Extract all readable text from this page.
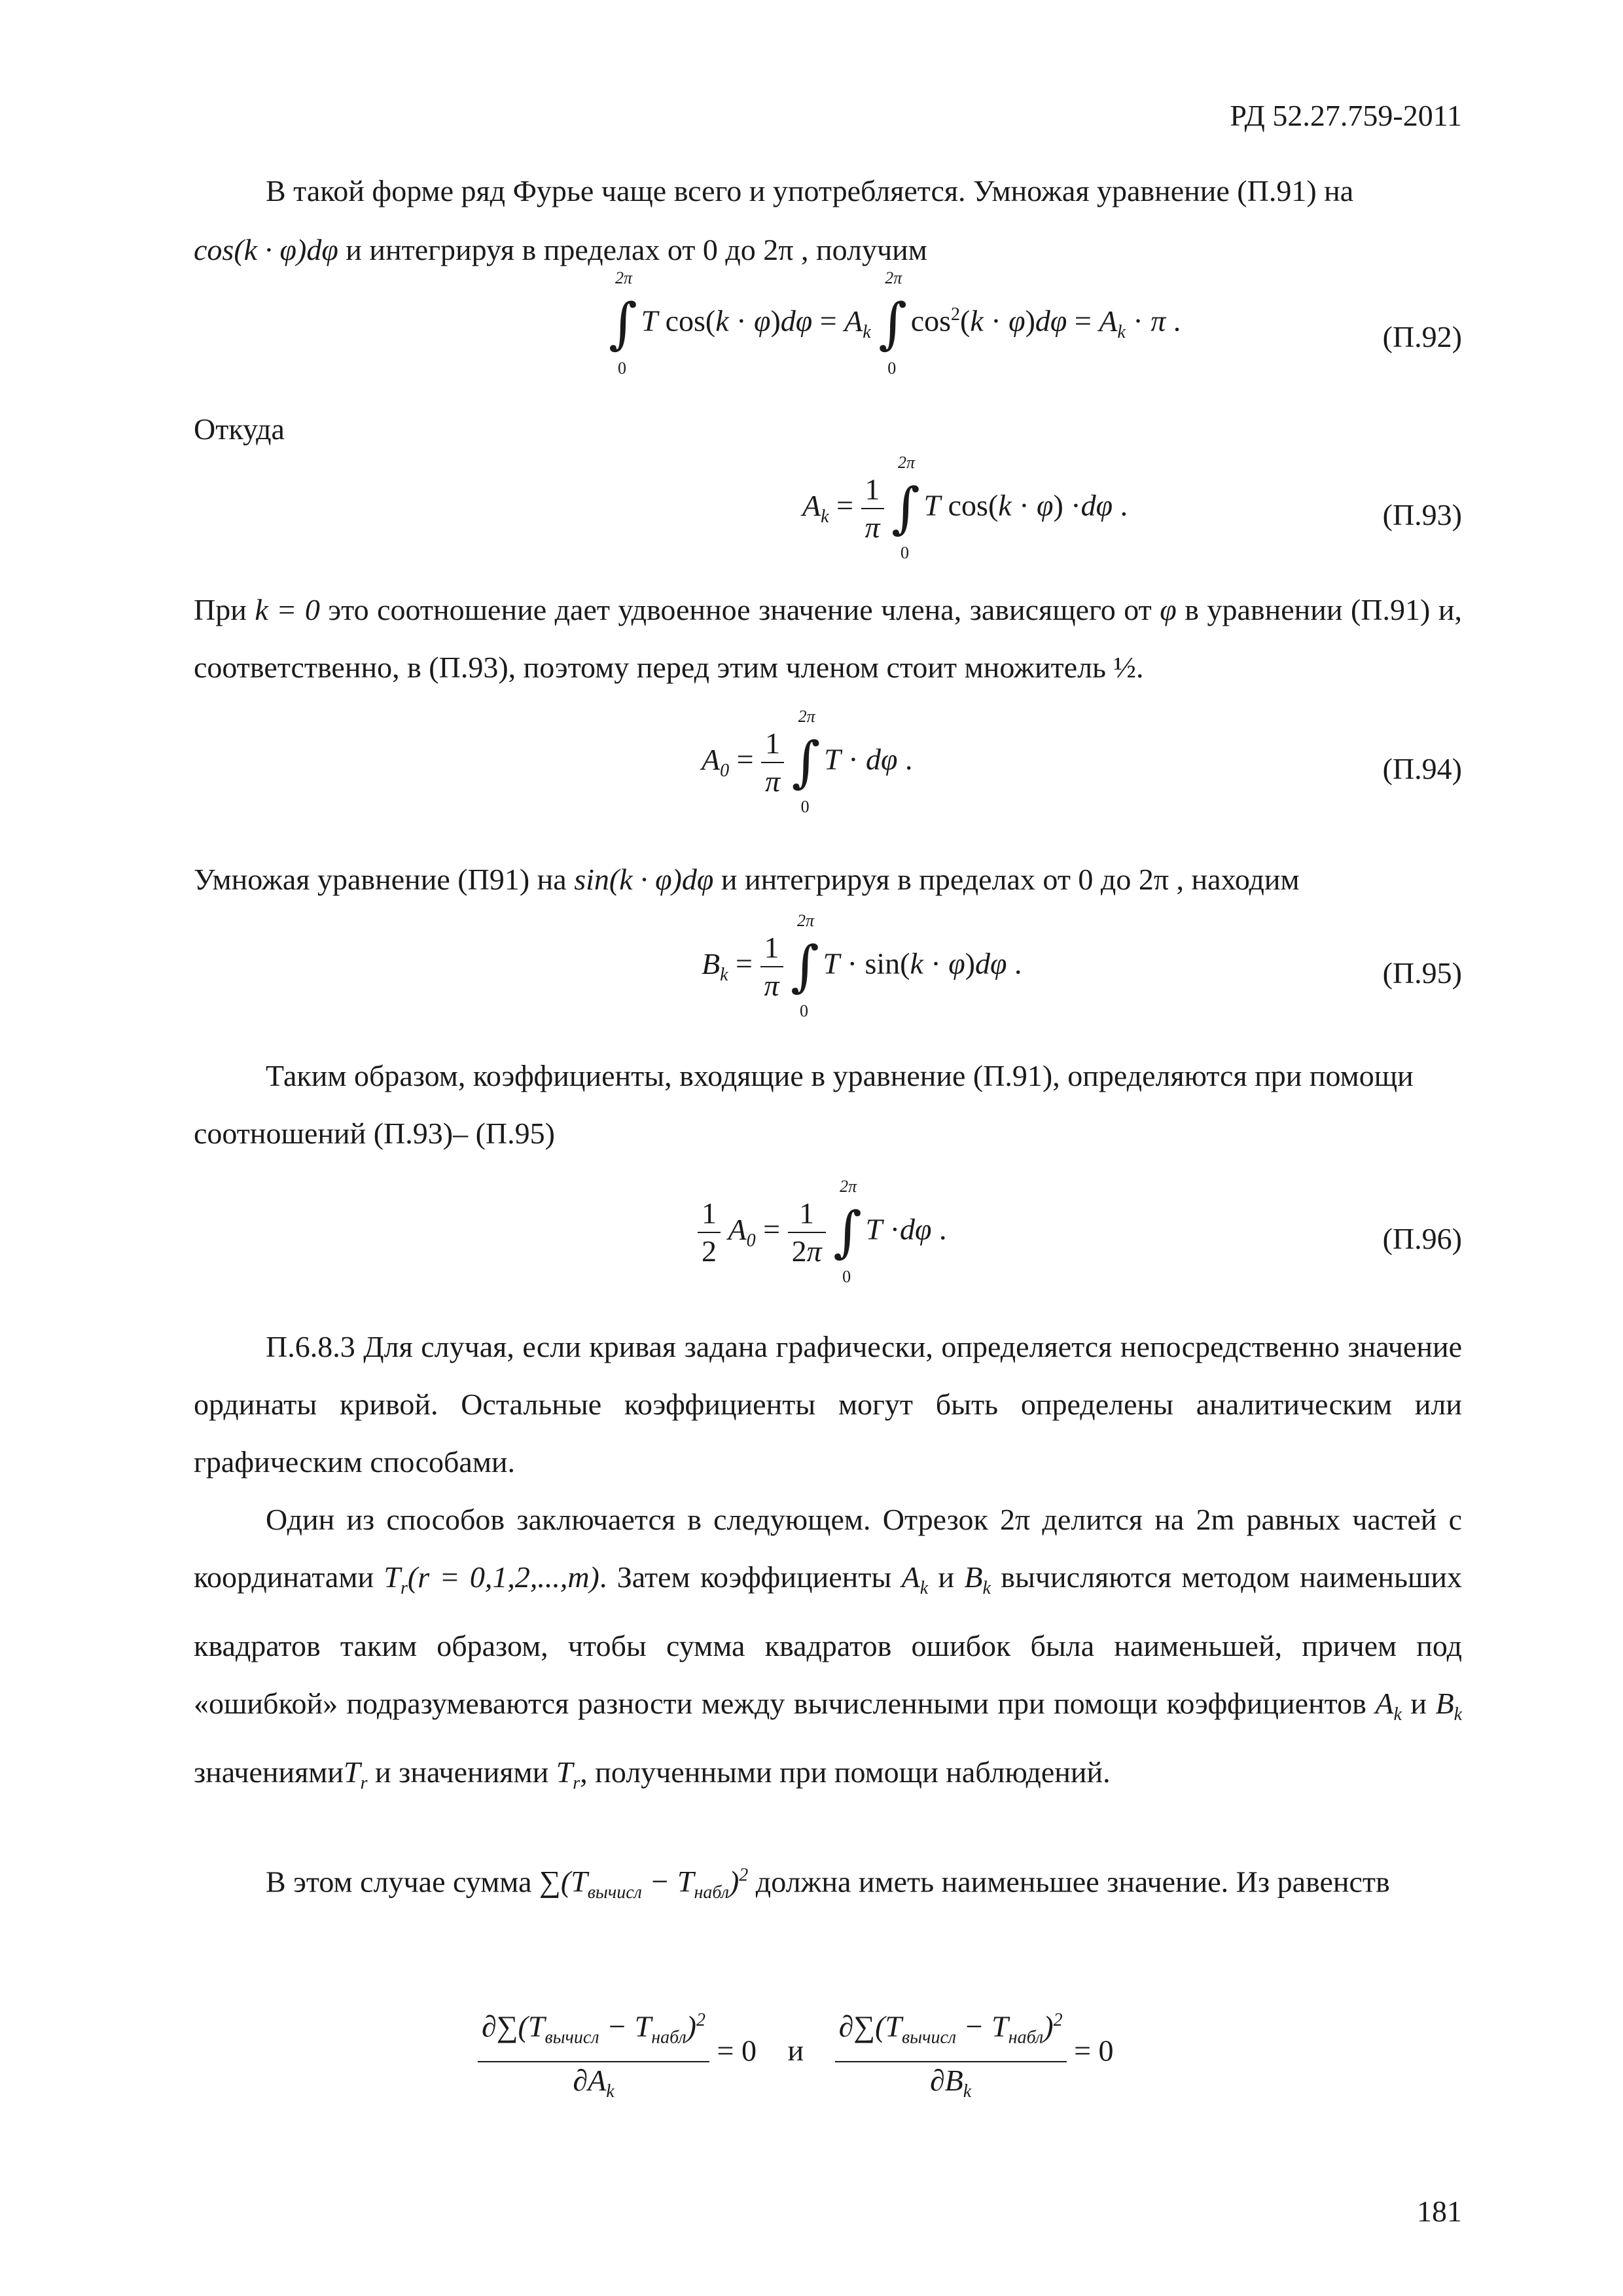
РД 52.27.759-2011
В такой форме ряд Фурье чаще всего и употребляется. Умножая уравнение (П.91) на
cos(k · φ)dφ и интегрируя в пределах от 0 до 2π , получим
2π
∫
0
T $\cos(k \cdot \varphi)d\varphi = A_k$
2π
∫
0
$\cos^2(k \cdot \varphi)d\varphi = A_k \cdot \pi$ .	(П.92)
Откуда
$A_k = \frac{1}{\pi}$

2π
∫
0
T cos(k · φ) ·dφ .	(П.93)
При k = 0 это соотношение дает удвоенное значение члена, зависящего от φ в уравнении (П.91) и, соответственно, в (П.93), поэтому перед этим членом стоит множитель ½.
$A_0 = \frac{1}{\pi}$

2π
∫
0
T · dφ .	(П.94)
Умножая уравнение (П91) на sin(k · φ)dφ и интегрируя в пределах от 0 до 2π , находим
$B_k = \frac{1}{\pi}$

2π
∫
0
T · sin(k · φ)dφ .	(П.95)
Таким образом, коэффициенты, входящие в уравнение (П.91), определяются при помощи соотношений (П.93)– (П.95)
$\frac{1}{2} A_0 = \frac{1}{2\pi}$

2π
∫
0
T ·dφ .	(П.96)
П.6.8.3 Для случая, если кривая задана графически, определяется непосредственно значение ординаты кривой. Остальные коэффициенты могут быть определены аналитическим или графическим способами.
Один из способов заключается в следующем. Отрезок 2π делится на 2m равных частей с координатами $T_r(r = 0,1,2,...,m)$. Затем коэффициенты $A_k$ и $B_k$ вычисляются методом наименьших квадратов таким образом, чтобы сумма квадратов ошибок была наименьшей, причем под «ошибкой» подразумеваются разности между вычисленными при помощи коэффициентов $A_k$ и $B_k$ значениямиT$_r$ и значениями $T_r$, полученными при помощи наблюдений.
В этом случае сумма $\sum(T_{вычисл} - T_{набл})^2$ должна иметь наименьшее значение. Из равенств
$\frac{\partial\sum(T_{вычисл} - T_{набл})^2}{\partial A_k} = 0$ и $\frac{\partial\sum(T_{вычисл} - T_{набл})^2}{\partial B_k} = 0$
181
